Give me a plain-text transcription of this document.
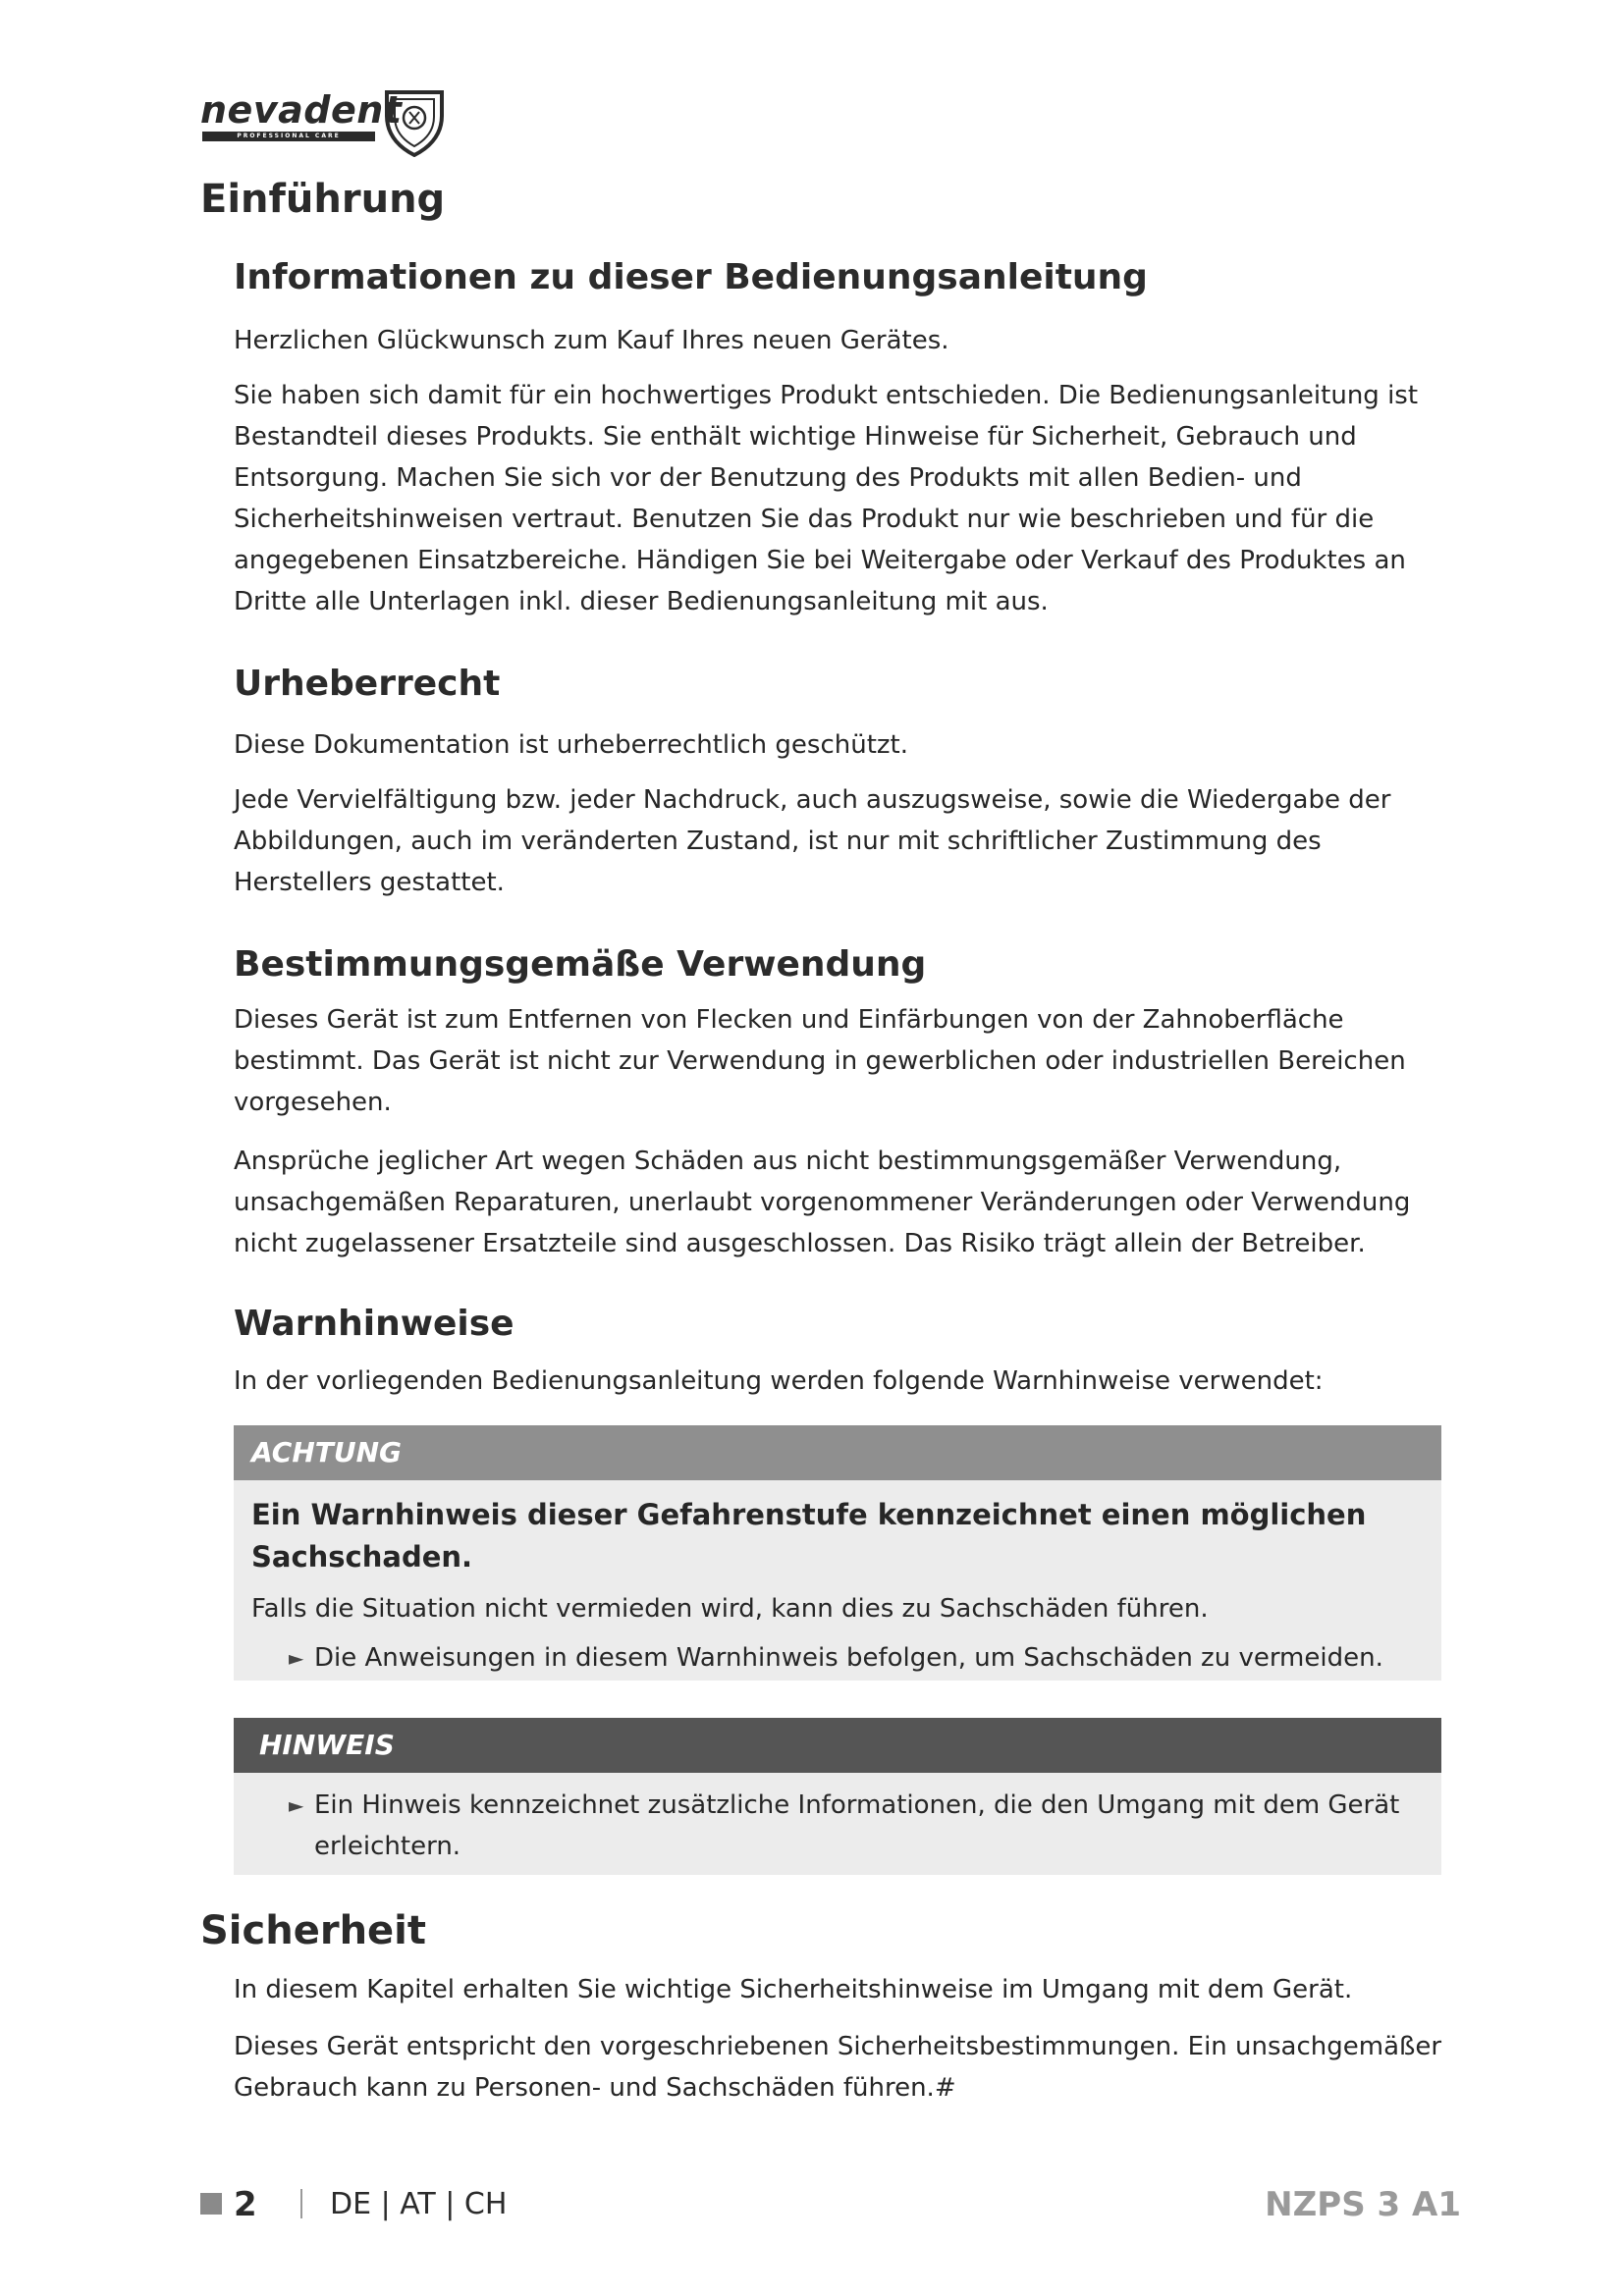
nevadent
PROFESSIONAL CARE
Einführung
Informationen zu dieser Bedienungsanleitung

Herzlichen Glückwunsch zum Kauf Ihres neuen Gerätes.

Sie haben sich damit für ein hochwertiges Produkt entschieden. Die Bedienungsanleitung ist Bestandteil dieses Produkts. Sie enthält wichtige Hinweise für Sicherheit, Gebrauch und Entsorgung. Machen Sie sich vor der Benutzung des Produkts mit allen Bedien- und Sicherheitshinweisen vertraut. Benutzen Sie das Produkt nur wie beschrieben und für die angegebenen Einsatzbereiche. Händigen Sie bei Weitergabe oder Verkauf des Produktes an Dritte alle Unterlagen inkl. dieser Bedienungsanleitung mit aus.

Urheberrecht

Diese Dokumentation ist urheberrechtlich geschützt.

Jede Vervielfältigung bzw. jeder Nachdruck, auch auszugsweise, sowie die Wiedergabe der Abbildungen, auch im veränderten Zustand, ist nur mit schriftlicher Zustimmung des Herstellers gestattet.

Bestimmungsgemäße Verwendung

Dieses Gerät ist zum Entfernen von Flecken und Einfärbungen von der Zahnoberfläche bestimmt. Das Gerät ist nicht zur Verwendung in gewerblichen oder industriellen Bereichen vorgesehen.

Ansprüche jeglicher Art wegen Schäden aus nicht bestimmungsgemäßer Verwendung, unsachgemäßen Reparaturen, unerlaubt vorgenommener Veränderungen oder Verwendung nicht zugelassener Ersatzteile sind ausgeschlossen. Das Risiko trägt allein der Betreiber.

Warnhinweise

In der vorliegenden Bedienungsanleitung werden folgende Warnhinweise verwendet:

ACHTUNG
Ein Warnhinweis dieser Gefahrenstufe kennzeichnet einen möglichen Sachschaden.
Falls die Situation nicht vermieden wird, kann dies zu Sachschäden führen.
► Die Anweisungen in diesem Warnhinweis befolgen, um Sachschäden zu vermeiden.
HINWEIS
► Ein Hinweis kennzeichnet zusätzliche Informationen, die den Umgang mit dem Gerät erleichtern.
Sicherheit

In diesem Kapitel erhalten Sie wichtige Sicherheitshinweise im Umgang mit dem Gerät.

Dieses Gerät entspricht den vorgeschriebenen Sicherheitsbestimmungen. Ein unsachgemäßer Gebrauch kann zu Personen- und Sachschäden führen.#

2 DE | AT | CH	NZPS 3 A1
